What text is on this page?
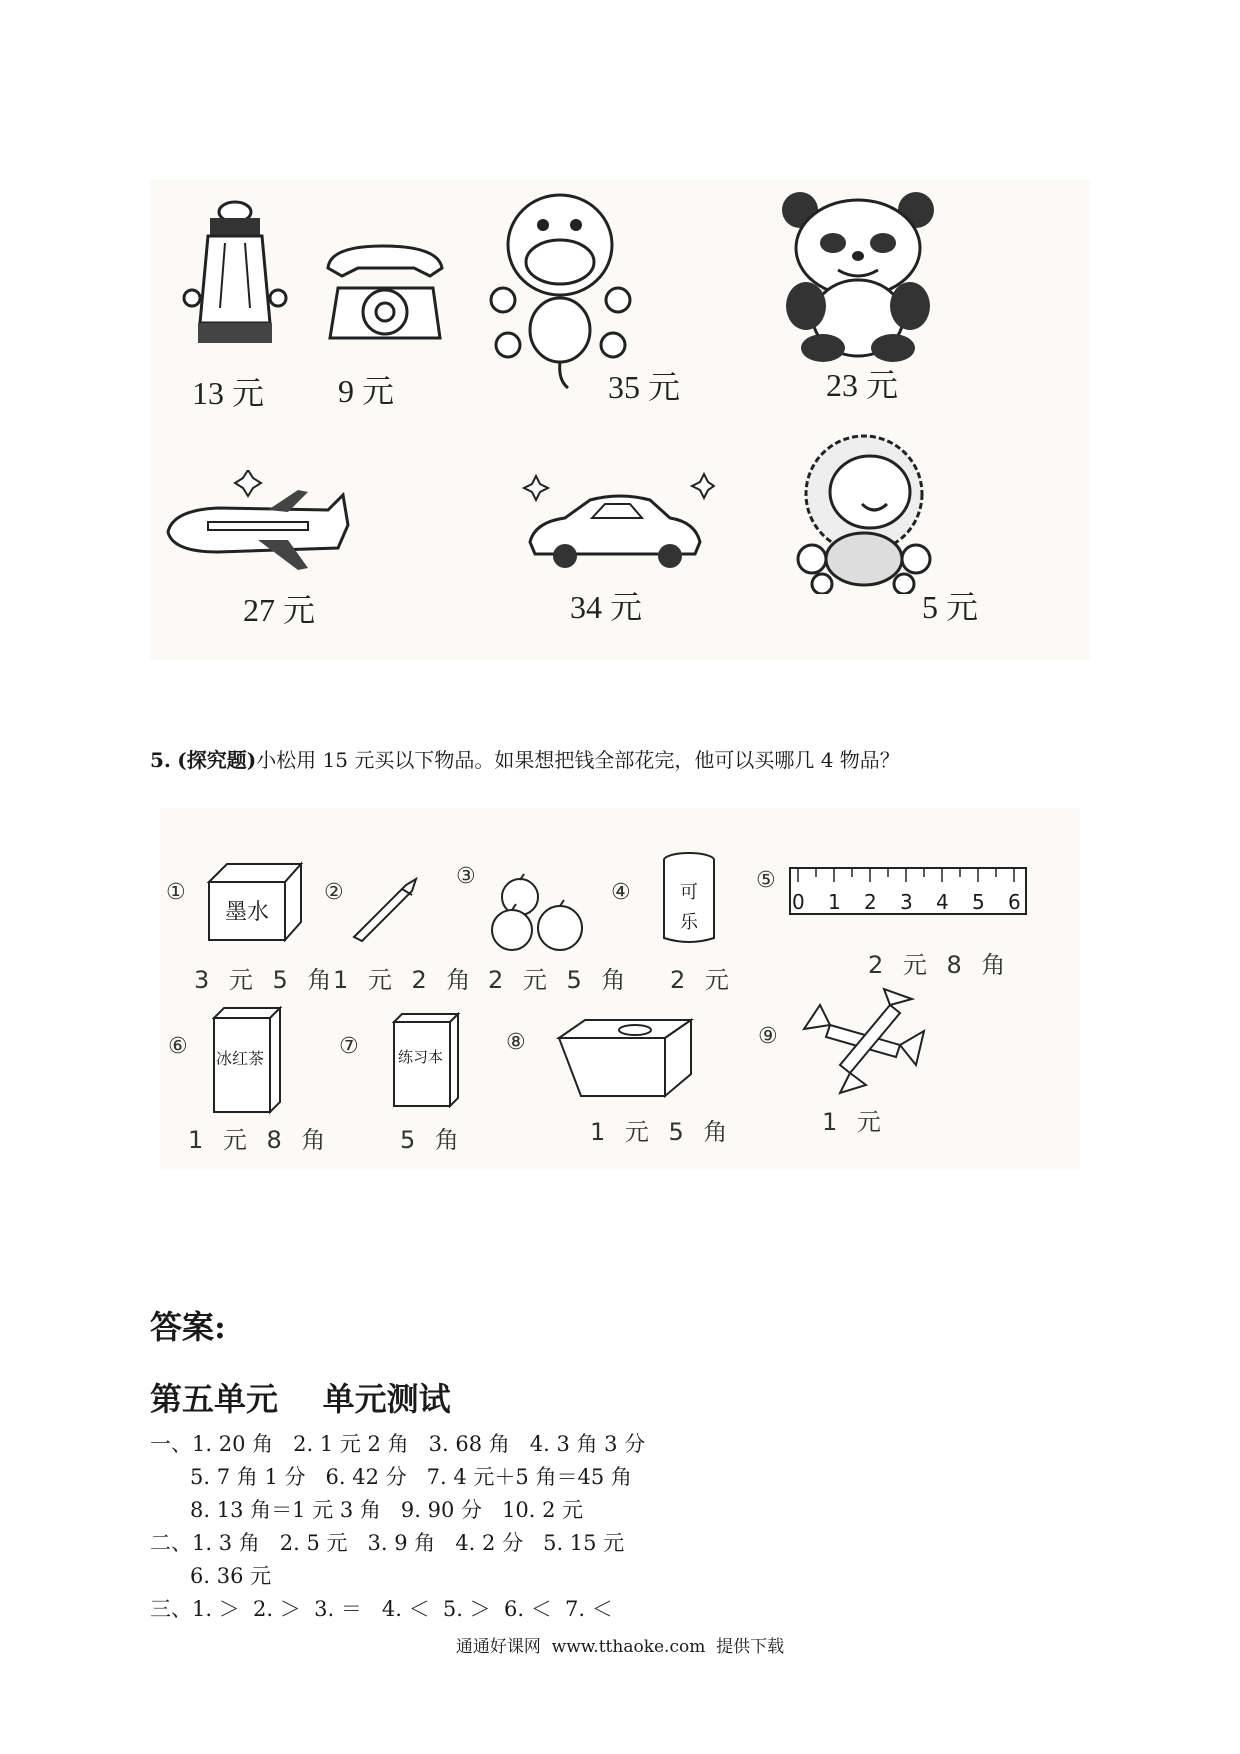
13 元 9 元	35 元	23 元
27 元	34 元	5 元
5. (探究题)小松用 15 元买以下物品。如果想把钱全部花完，他可以买哪几 4 物品？
①
墨水
3 元 5 角
②
1 元 2 角
③
2 元 5 角
④	可乐
2 元
⑤
0 1 2 3 4 5 6
2 元 8 角
⑥ 冰红茶
1 元 8 角
⑦	练习本
5 角
⑧
1 元 5 角
⑨
1 元
答案:
第五单元    单元测试
一、1. 20 角   2. 1 元 2 角   3. 68 角   4. 3 角 3 分
5. 7 角 1 分   6. 42 分   7. 4 元＋5 角＝45 角
8. 13 角＝1 元 3 角   9. 90 分   10. 2 元
二、1. 3 角   2. 5 元   3. 9 角   4. 2 分   5. 15 元
6. 36 元
三、1. ＞  2. ＞  3. ＝   4. ＜  5. ＞  6. ＜  7. ＜
通通好课网  www.tthaoke.com  提供下载
